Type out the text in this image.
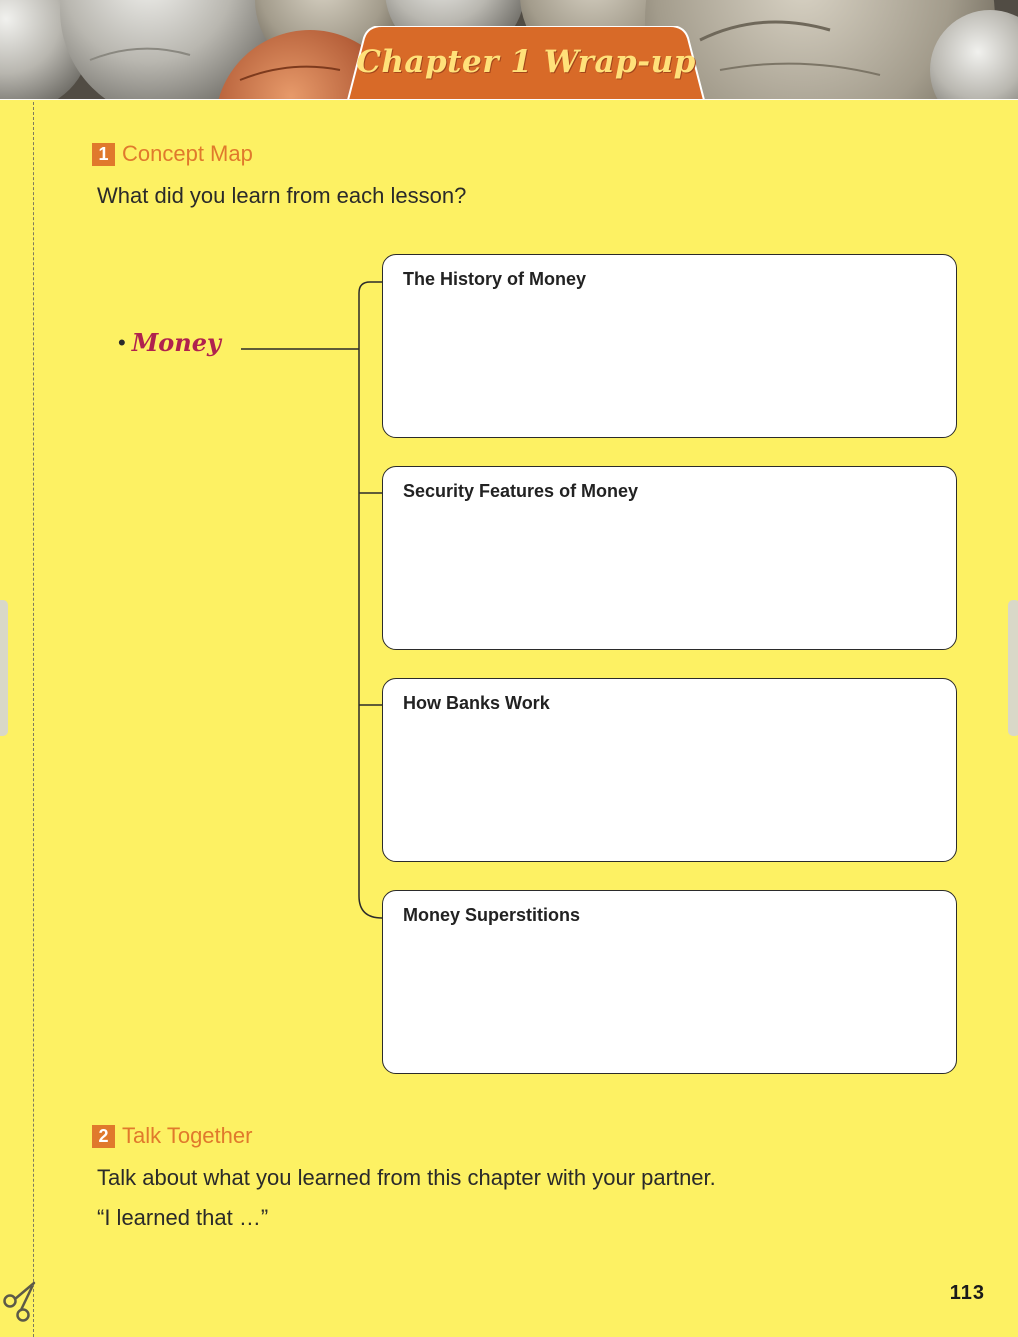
Chapter 1 Wrap-up
1 Concept Map
What did you learn from each lesson?
• Money
The History of Money
Security Features of Money
How Banks Work
Money Superstitions
2 Talk Together
Talk about what you learned from this chapter with your partner.
“I learned that …”
113
